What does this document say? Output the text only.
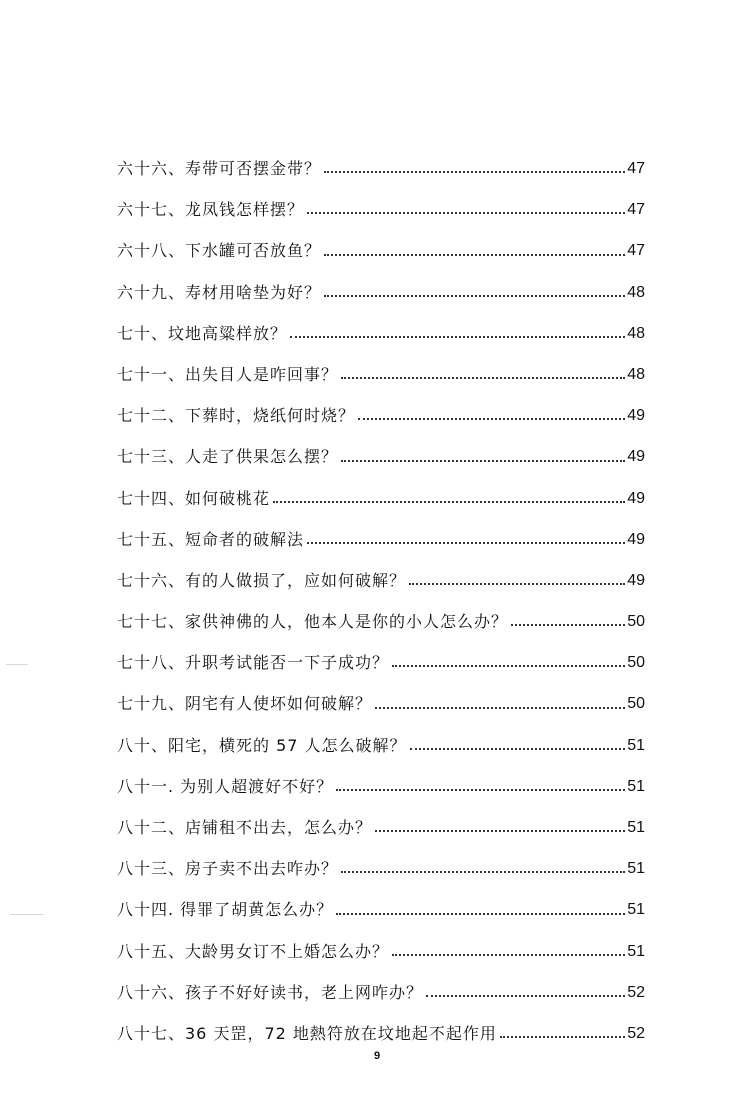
六十六、寿带可否摆金带？	47
六十七、龙凤钱怎样摆？	47
六十八、下水罐可否放鱼？	47
六十九、寿材用啥垫为好？	48
七十、坟地高粱样放？	48
七十一、出失目人是咋回事？	48
七十二、下葬时，烧纸何时烧？	49
七十三、人走了供果怎么摆？	49
七十四、如何破桃花	49
七十五、短命者的破解法	49
七十六、有的人做损了，应如何破解？	49
七十七、家供神佛的人，他本人是你的小人怎么办？	50
七十八、升职考试能否一下子成功？	50
七十九、阴宅有人使坏如何破解？	50
八十、阳宅，横死的 57 人怎么破解？	51
八十一. 为别人超渡好不好？	51
八十二、店铺租不出去，怎么办？	51
八十三、房子卖不出去咋办？	51
八十四. 得罪了胡黄怎么办？	51
八十五、大龄男女订不上婚怎么办？	51
八十六、孩子不好好读书，老上网咋办？	52
八十七、36 天罡，72 地熱符放在坟地起不起作用	52
9
